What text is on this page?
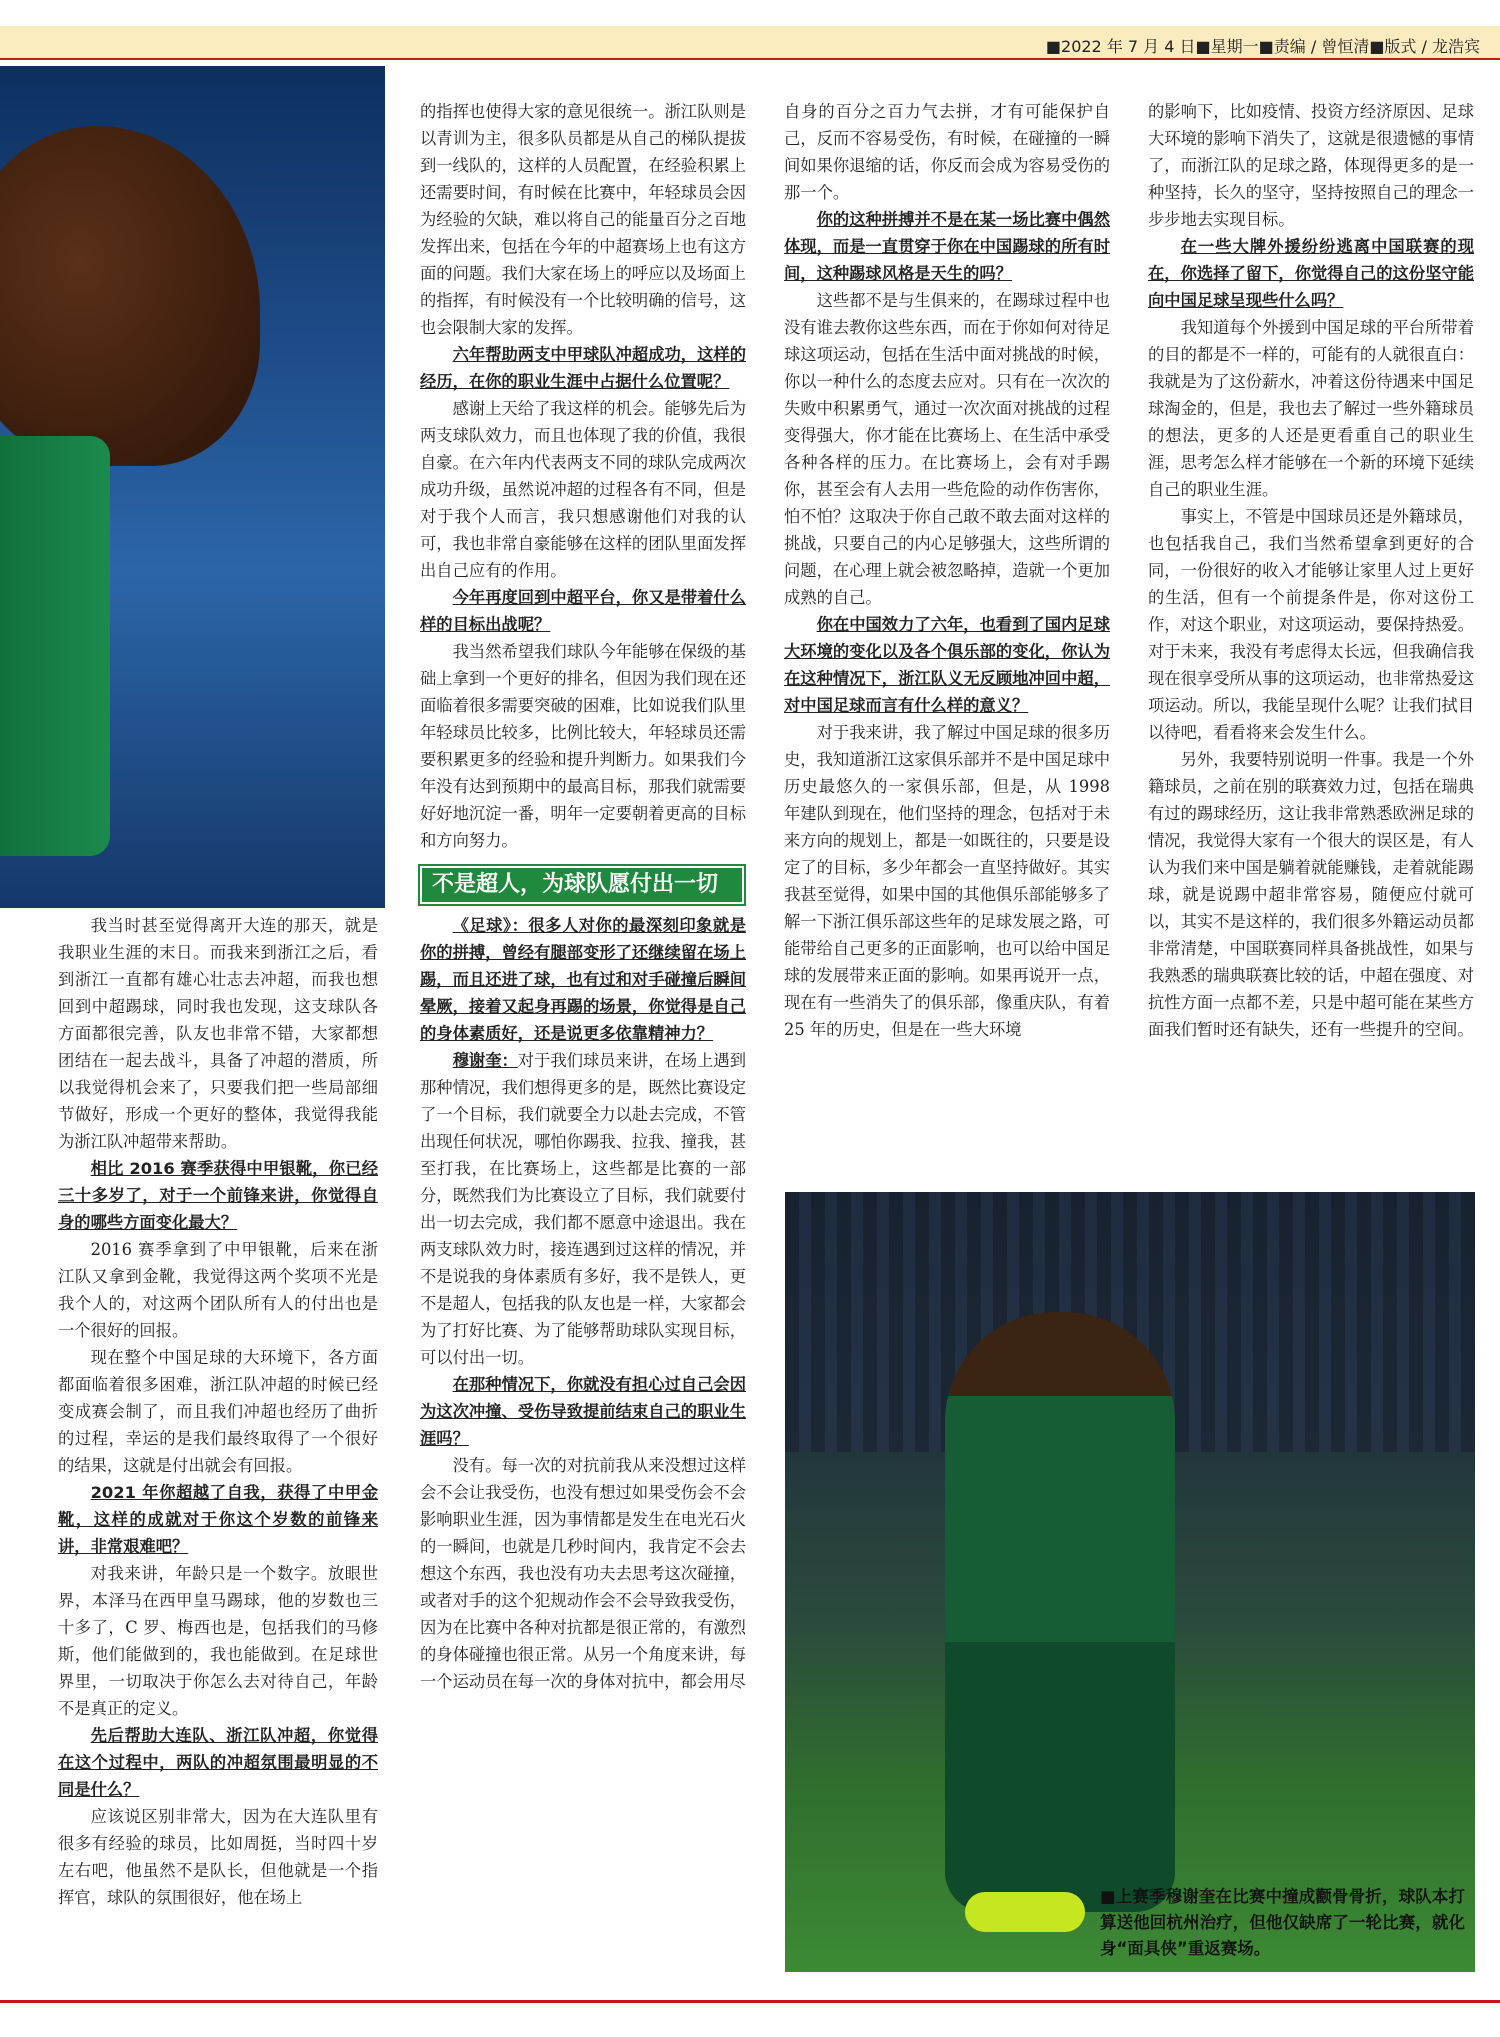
■2022 年 7 月 4 日■星期一■责编 / 曾恒清■版式 / 龙浩宾

我当时甚至觉得离开大连的那天，就是我职业生涯的末日。而我来到浙江之后，看到浙江一直都有雄心壮志去冲超，而我也想回到中超踢球，同时我也发现，这支球队各方面都很完善，队友也非常不错，大家都想团结在一起去战斗，具备了冲超的潜质，所以我觉得机会来了，只要我们把一些局部细节做好，形成一个更好的整体，我觉得我能为浙江队冲超带来帮助。

相比 2016 赛季获得中甲银靴，你已经三十多岁了，对于一个前锋来讲，你觉得自身的哪些方面变化最大？

2016 赛季拿到了中甲银靴，后来在浙江队又拿到金靴，我觉得这两个奖项不光是我个人的，对这两个团队所有人的付出也是一个很好的回报。

现在整个中国足球的大环境下，各方面都面临着很多困难，浙江队冲超的时候已经变成赛会制了，而且我们冲超也经历了曲折的过程，幸运的是我们最终取得了一个很好的结果，这就是付出就会有回报。

2021 年你超越了自我，获得了中甲金靴，这样的成就对于你这个岁数的前锋来讲，非常艰难吧？

对我来讲，年龄只是一个数字。放眼世界，本泽马在西甲皇马踢球，他的岁数也三十多了，C 罗、梅西也是，包括我们的马修斯，他们能做到的，我也能做到。在足球世界里，一切取决于你怎么去对待自己，年龄不是真正的定义。

先后帮助大连队、浙江队冲超，你觉得在这个过程中，两队的冲超氛围最明显的不同是什么？

应该说区别非常大，因为在大连队里有很多有经验的球员，比如周挺，当时四十岁左右吧，他虽然不是队长，但他就是一个指挥官，球队的氛围很好，他在场上

的指挥也使得大家的意见很统一。浙江队则是以青训为主，很多队员都是从自己的梯队提拔到一线队的，这样的人员配置，在经验积累上还需要时间，有时候在比赛中，年轻球员会因为经验的欠缺，难以将自己的能量百分之百地发挥出来，包括在今年的中超赛场上也有这方面的问题。我们大家在场上的呼应以及场面上的指挥，有时候没有一个比较明确的信号，这也会限制大家的发挥。

六年帮助两支中甲球队冲超成功，这样的经历，在你的职业生涯中占据什么位置呢？

感谢上天给了我这样的机会。能够先后为两支球队效力，而且也体现了我的价值，我很自豪。在六年内代表两支不同的球队完成两次成功升级，虽然说冲超的过程各有不同，但是对于我个人而言，我只想感谢他们对我的认可，我也非常自豪能够在这样的团队里面发挥出自己应有的作用。

今年再度回到中超平台，你又是带着什么样的目标出战呢？

我当然希望我们球队今年能够在保级的基础上拿到一个更好的排名，但因为我们现在还面临着很多需要突破的困难，比如说我们队里年轻球员比较多，比例比较大，年轻球员还需要积累更多的经验和提升判断力。如果我们今年没有达到预期中的最高目标，那我们就需要好好地沉淀一番，明年一定要朝着更高的目标和方向努力。

不是超人，为球队愿付出一切

《足球》：很多人对你的最深刻印象就是你的拼搏，曾经有腿部变形了还继续留在场上踢，而且还进了球，也有过和对手碰撞后瞬间晕厥，接着又起身再踢的场景，你觉得是自己的身体素质好，还是说更多依靠精神力？

穆谢奎：对于我们球员来讲，在场上遇到那种情况，我们想得更多的是，既然比赛设定了一个目标，我们就要全力以赴去完成，不管出现任何状况，哪怕你踢我、拉我、撞我，甚至打我，在比赛场上，这些都是比赛的一部分，既然我们为比赛设立了目标，我们就要付出一切去完成，我们都不愿意中途退出。我在两支球队效力时，接连遇到过这样的情况，并不是说我的身体素质有多好，我不是铁人，更不是超人，包括我的队友也是一样，大家都会为了打好比赛、为了能够帮助球队实现目标，可以付出一切。

在那种情况下，你就没有担心过自己会因为这次冲撞、受伤导致提前结束自己的职业生涯吗？

没有。每一次的对抗前我从来没想过这样会不会让我受伤，也没有想过如果受伤会不会影响职业生涯，因为事情都是发生在电光石火的一瞬间，也就是几秒时间内，我肯定不会去想这个东西，我也没有功夫去思考这次碰撞，或者对手的这个犯规动作会不会导致我受伤，因为在比赛中各种对抗都是很正常的，有激烈的身体碰撞也很正常。从另一个角度来讲，每一个运动员在每一次的身体对抗中，都会用尽

自身的百分之百力气去拼，才有可能保护自己，反而不容易受伤，有时候，在碰撞的一瞬间如果你退缩的话，你反而会成为容易受伤的那一个。

你的这种拼搏并不是在某一场比赛中偶然体现，而是一直贯穿于你在中国踢球的所有时间，这种踢球风格是天生的吗？

这些都不是与生俱来的，在踢球过程中也没有谁去教你这些东西，而在于你如何对待足球这项运动，包括在生活中面对挑战的时候，你以一种什么的态度去应对。只有在一次次的失败中积累勇气，通过一次次面对挑战的过程变得强大，你才能在比赛场上、在生活中承受各种各样的压力。在比赛场上，会有对手踢你，甚至会有人去用一些危险的动作伤害你，怕不怕？这取决于你自己敢不敢去面对这样的挑战，只要自己的内心足够强大，这些所谓的问题，在心理上就会被忽略掉，造就一个更加成熟的自己。

你在中国效力了六年，也看到了国内足球大环境的变化以及各个俱乐部的变化，你认为在这种情况下，浙江队义无反顾地冲回中超，对中国足球而言有什么样的意义？

对于我来讲，我了解过中国足球的很多历史，我知道浙江这家俱乐部并不是中国足球中历史最悠久的一家俱乐部，但是，从 1998 年建队到现在，他们坚持的理念，包括对于未来方向的规划上，都是一如既往的，只要是设定了的目标，多少年都会一直坚持做好。其实我甚至觉得，如果中国的其他俱乐部能够多了解一下浙江俱乐部这些年的足球发展之路，可能带给自己更多的正面影响，也可以给中国足球的发展带来正面的影响。如果再说开一点，现在有一些消失了的俱乐部，像重庆队，有着 25 年的历史，但是在一些大环境

的影响下，比如疫情、投资方经济原因、足球大环境的影响下消失了，这就是很遗憾的事情了，而浙江队的足球之路，体现得更多的是一种坚持，长久的坚守，坚持按照自己的理念一步步地去实现目标。

在一些大牌外援纷纷逃离中国联赛的现在，你选择了留下，你觉得自己的这份坚守能向中国足球呈现些什么吗？

我知道每个外援到中国足球的平台所带着的目的都是不一样的，可能有的人就很直白：我就是为了这份薪水，冲着这份待遇来中国足球淘金的，但是，我也去了解过一些外籍球员的想法，更多的人还是更看重自己的职业生涯，思考怎么样才能够在一个新的环境下延续自己的职业生涯。

事实上，不管是中国球员还是外籍球员，也包括我自己，我们当然希望拿到更好的合同，一份很好的收入才能够让家里人过上更好的生活，但有一个前提条件是，你对这份工作，对这个职业，对这项运动，要保持热爱。对于未来，我没有考虑得太长远，但我确信我现在很享受所从事的这项运动，也非常热爱这项运动。所以，我能呈现什么呢？让我们拭目以待吧，看看将来会发生什么。

另外，我要特别说明一件事。我是一个外籍球员，之前在别的联赛效力过，包括在瑞典有过的踢球经历，这让我非常熟悉欧洲足球的情况，我觉得大家有一个很大的误区是，有人认为我们来中国是躺着就能赚钱，走着就能踢球，就是说踢中超非常容易，随便应付就可以，其实不是这样的，我们很多外籍运动员都非常清楚，中国联赛同样具备挑战性，如果与我熟悉的瑞典联赛比较的话，中超在强度、对抗性方面一点都不差，只是中超可能在某些方面我们暂时还有缺失，还有一些提升的空间。

■上赛季穆谢奎在比赛中撞成颧骨骨折，球队本打算送他回杭州治疗，但他仅缺席了一轮比赛，就化身“面具侠”重返赛场。
